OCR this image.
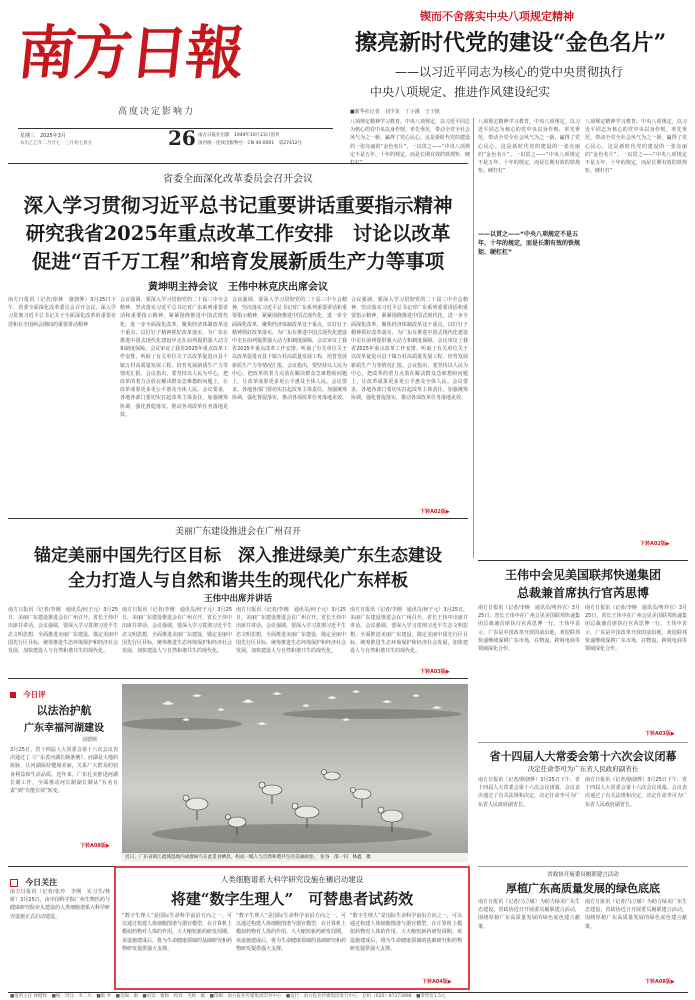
南方日報
高度决定影响力
星期三　2025年3月
农历乙巳年二月廿七　三月初七春分	26 南方日报社出版　1949年10月23日创刊
国内统一连续出版物号：CN 44-0001　第27412号
锲而不舍落实中央八项规定精神
擦亮新时代党的建设“金色名片”
——以习近平同志为核心的党中央贯彻执行
中央八项规定、推进作风建设纪实
■新华社记者　刘少龙　丁小溪　王子铭
八项规定精神学习教育。中央八项规定，以习近平同志为核心的党中央以身作则、率先垂范，带动全党全社会风气为之一新，赢得了党心民心。这是新时代党的建设的一张亮丽的“金色名片”。一以贯之——“中央八项规定不是五年、十年的规定，而是长期有效的铁规矩、硬
省委全面深化改革委员会召开会议
深入学习贯彻习近平总书记重要讲话重要指示精神
研究我省2025年重点改革工作安排　讨论以改革
促进“百千万工程”和培育发展新质生产力等事项
黄坤明主持会议　王伟中林克庆出席会议
南方日报讯（记者/徐林　骆骁骅）3月25日下午，省委全面深化改革委员会召开会议，深入学习贯彻习近平总书记关于全面深化改革的重要论述和在全国两会期间的重要讲话精神
会议强调，要深入学习贯彻党的二十届三中全会精神，坚决落实习近平总书记对广东系列重要讲话和重要指示精神，紧紧围绕推进中国式现代化，进一步全面深化改革，聚焦经济体制改革这个重点，以钉钉子精神抓好改革落实，为广东在推进中国式现代化建设中走在前列提供强大动力和制度保障。会议审议了我省2025年重点改革工作安排，听取了有关单位关于以改革促进百县千镇万村高质量发展工程、培育发展新质生产力等情况汇报。会议指出，要坚持以人民为中心，把改革的着力点放在解决群众急难愁盼问题上，让改革成果更多更公平惠及全体人民。会议要求，各地各部门要切实扛起改革主体责任，加强统筹协调，强化督促落实，推动各项改革任务落地见效。
会议强调，要深入学习贯彻党的二十届三中全会精神，坚决落实习近平总书记对广东系列重要讲话和重要指示精神，紧紧围绕推进中国式现代化，进一步全面深化改革，聚焦经济体制改革这个重点，以钉钉子精神抓好改革落实，为广东在推进中国式现代化建设中走在前列提供强大动力和制度保障。会议审议了我省2025年重点改革工作安排，听取了有关单位关于以改革促进百县千镇万村高质量发展工程、培育发展新质生产力等情况汇报。会议指出，要坚持以人民为中心，把改革的着力点放在解决群众急难愁盼问题上，让改革成果更多更公平惠及全体人民。会议要求，各地各部门要切实扛起改革主体责任，加强统筹协调，强化督促落实，推动各项改革任务落地见效。
会议强调，要深入学习贯彻党的二十届三中全会精神，坚决落实习近平总书记对广东系列重要讲话和重要指示精神，紧紧围绕推进中国式现代化，进一步全面深化改革，聚焦经济体制改革这个重点，以钉钉子精神抓好改革落实，为广东在推进中国式现代化建设中走在前列提供强大动力和制度保障。会议审议了我省2025年重点改革工作安排，听取了有关单位关于以改革促进百县千镇万村高质量发展工程、培育发展新质生产力等情况汇报。会议指出，要坚持以人民为中心，把改革的着力点放在解决群众急难愁盼问题上，让改革成果更多更公平惠及全体人民。会议要求，各地各部门要切实扛起改革主体责任，加强统筹协调，强化督促落实，推动各项改革任务落地见效。
下转A02版▶
八项规定精神学习教育。中央八项规定，以习近平同志为核心的党中央以身作则、率先垂范，带动全党全社会风气为之一新，赢得了党心民心。这是新时代党的建设的一张亮丽的“金色名片”。一以贯之——“中央八项规定不是五年、十年的规定，而是长期有效的铁规矩、硬杠杠”
八项规定精神学习教育。中央八项规定，以习近平同志为核心的党中央以身作则、率先垂范，带动全党全社会风气为之一新，赢得了党心民心。这是新时代党的建设的一张亮丽的“金色名片”。一以贯之——“中央八项规定不是五年、十年的规定，而是长期有效的铁规矩、硬杠杠”
——以贯之——“中央八项规定不是五年、十年的规定，而是长期有效的铁规矩、硬杠杠”
下转A02版▶
美丽广东建设推进会在广州召开
锚定美丽中国先行区目标　深入推进绿美广东生态建设
全力打造人与自然和谐共生的现代化广东样板
王伟中出席并讲话
南方日报讯（记者/李刚　通讯员/何子元）3月25日，美丽广东建设推进会在广州召开。省长王伟中出席并讲话。会议强调，要深入学习贯彻习近平生态文明思想，全面推进美丽广东建设，锚定美丽中国先行区目标，统筹推进生态环境保护和经济社会发展，加快建设人与自然和谐共生的现代化。
南方日报讯（记者/李刚　通讯员/何子元）3月25日，美丽广东建设推进会在广州召开。省长王伟中出席并讲话。会议强调，要深入学习贯彻习近平生态文明思想，全面推进美丽广东建设，锚定美丽中国先行区目标，统筹推进生态环境保护和经济社会发展，加快建设人与自然和谐共生的现代化。
南方日报讯（记者/李刚　通讯员/何子元）3月25日，美丽广东建设推进会在广州召开。省长王伟中出席并讲话。会议强调，要深入学习贯彻习近平生态文明思想，全面推进美丽广东建设，锚定美丽中国先行区目标，统筹推进生态环境保护和经济社会发展，加快建设人与自然和谐共生的现代化。
南方日报讯（记者/李刚　通讯员/何子元）3月25日，美丽广东建设推进会在广州召开。省长王伟中出席并讲话。会议强调，要深入学习贯彻习近平生态文明思想，全面推进美丽广东建设，锚定美丽中国先行区目标，统筹推进生态环境保护和经济社会发展，加快建设人与自然和谐共生的现代化。
下转A03版▶
王伟中会见美国联邦快递集团
总裁兼首席执行官芮思博
南方日报讯（记者/李焕　通讯员/粤外宣）3月25日，省长王伟中在广州会见美国联邦快递集团总裁兼首席执行官芮思博一行。王伟中表示，广东是中国改革开放的前沿地，欢迎联邦快递继续深耕广东市场，在物流、跨境电商等领域深化合作。
南方日报讯（记者/李焕　通讯员/粤外宣）3月25日，省长王伟中在广州会见美国联邦快递集团总裁兼首席执行官芮思博一行。王伟中表示，广东是中国改革开放的前沿地，欢迎联邦快递继续深耕广东市场，在物流、跨境电商等领域深化合作。
下转A03版▶
省十四届人大常委会第十六次会议闭幕
决定任命李可为广东省人民政府副省长
南方日报讯（记者/骆骁骅）3月25日下午，省十四届人大常委会第十六次会议闭幕。会议表决通过了有关法规和决定，决定任命李可为广东省人民政府副省长。
南方日报讯（记者/骆骁骅）3月25日下午，省十四届人大常委会第十六次会议闭幕。会议表决通过了有关法规和决定，决定任命李可为广东省人民政府副省长。
省政协开展委员履职建言活动
厚植广东高质量发展的绿色底底
南方日报讯（记者/马立敏）为助力绿美广东生态建设，省政协近日开展委员履职建言活动，围绕厚植广东高质量发展的绿色底色建言献策。
南方日报讯（记者/马立敏）为助力绿美广东生态建设，省政协近日开展委员履职建言活动，围绕厚植广东高质量发展的绿色底色建言献策。
下转A08版▶
今日评
以法治护航
广东幸福河湖建设
刘德斯
3月25日，省十四届人大常委会第十六次会议表决通过了《广东省河湖长制条例》。河湖是大地的血脉，让河湖保持健康美丽，关系广大群众的切身利益和生活品质。近年来，广东扎实推进河湖长制工作，全面推动河长制湖长制从“有名有责”到“有能有效”转变。
下转A08版▶
近日，广东省韩江流域湿地内成群候鸟在此觅食栖息，构成一幅人与自然和谐共生的美丽画卷。　张谷　邵一钊　林鑫　摄
今日关注
南方日报讯（记者/张玲　李刚　实习生/林妍）3月25日，由中国科学院广州生物医药与健康研究院牵头建设的人类细胞谱系大科学研究设施正式启动建设。
人类细胞谱系大科学研究设施在穗启动建设
将建“数字生理人”　可替患者试药效
“数字生理人”是国际生命科学前沿方向之一，可以通过构建人体细胞图谱与器官模型，在计算机上模拟药物对人体的作用，大大缩短新药研发周期。该设施建成后，将为生命健康领域的基础研究和药物研发提供强大支撑。
“数字生理人”是国际生命科学前沿方向之一，可以通过构建人体细胞图谱与器官模型，在计算机上模拟药物对人体的作用，大大缩短新药研发周期。该设施建成后，将为生命健康领域的基础研究和药物研发提供强大支撑。
“数字生理人”是国际生命科学前沿方向之一，可以通过构建人体细胞图谱与器官模型，在计算机上模拟药物对人体的作用，大大缩短新药研发周期。该设施建成后，将为生命健康领域的基础研究和药物研发提供强大支撑。
下转A04版▶
■值班主任 林健师　■统一责任：李二川　■版 李　■美编：谢　■审读：谢师　校对：毛师　邮　■印刷：南方报业传媒集团印务中心　■发行：南方报业传媒集团发行中心　总机（020）87373998　■零售价1.5元
